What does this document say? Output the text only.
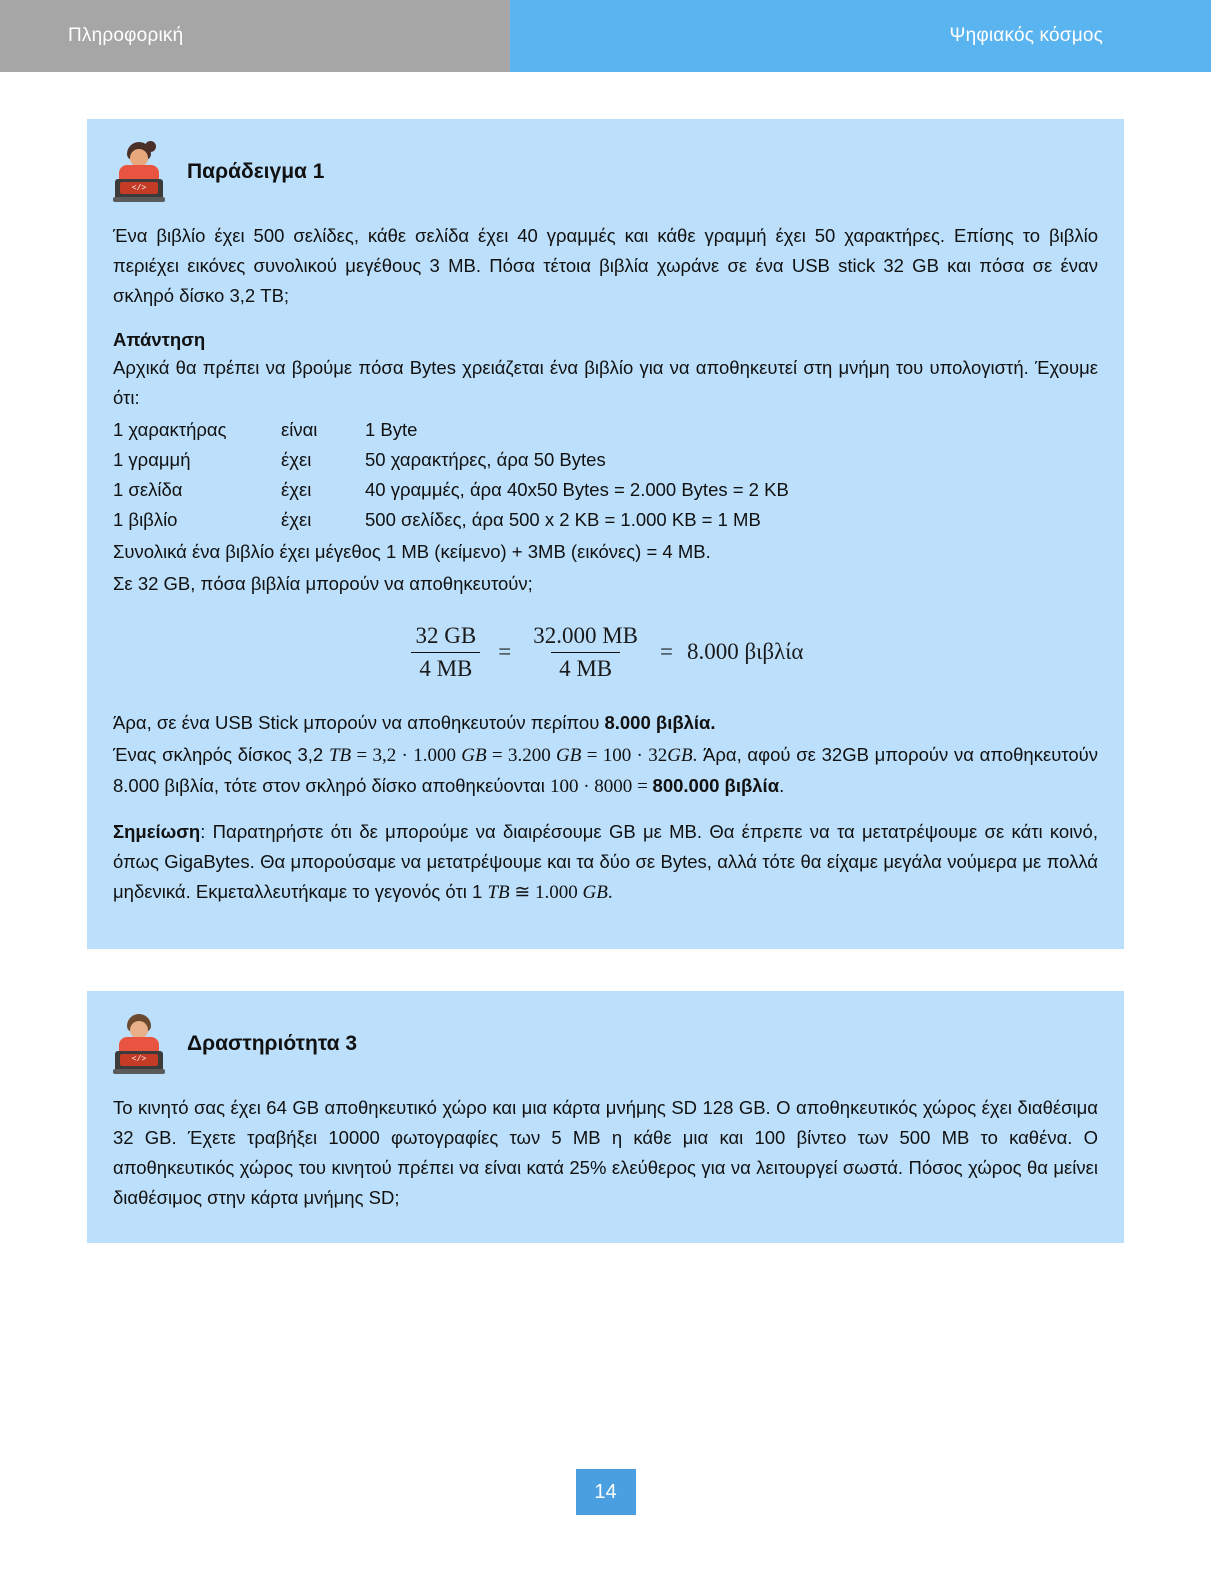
Πληροφορική	Ψηφιακός κόσμος
</>
Παράδειγμα 1

Ένα βιβλίο έχει 500 σελίδες, κάθε σελίδα έχει 40 γραμμές και κάθε γραμμή έχει 50 χαρακτήρες. Επίσης το βιβλίο περιέχει εικόνες συνολικού μεγέθους 3 MB. Πόσα τέτοια βιβλία χωράνε σε ένα USB stick 32 GB και πόσα σε έναν σκληρό δίσκο 3,2 TB;

Απάντηση

Αρχικά θα πρέπει να βρούμε πόσα Bytes χρειάζεται ένα βιβλίο για να αποθηκευτεί στη μνήμη του υπολογιστή. Έχουμε ότι:

1 χαρακτήρας	είναι	1 Byte
1 γραμμή	έχει	50 χαρακτήρες, άρα 50 Bytes
1 σελίδα	έχει	40 γραμμές, άρα 40x50 Bytes = 2.000 Bytes = 2 KB
1 βιβλίο	έχει	500 σελίδες, άρα 500 x 2 KB = 1.000 KB = 1 MB

Συνολικά ένα βιβλίο έχει μέγεθος 1 MB (κείμενο) + 3MB (εικόνες) = 4 MB.

Σε 32 GB, πόσα βιβλία μπορούν να αποθηκευτούν;

$\frac{32 GB}{4 MB} = \frac{32.000 MB}{4 MB} = 8.000$ βιβλία

Άρα, σε ένα USB Stick μπορούν να αποθηκευτούν περίπου 8.000 βιβλία.

Ένας σκληρός δίσκος 3,2 TB = 3,2 · 1.000 GB = 3.200 GB = 100 · 32GB. Άρα, αφού σε 32GB μπορούν να αποθηκευτούν 8.000 βιβλία, τότε στον σκληρό δίσκο αποθηκεύονται 100 · 8000 = 800.000 βιβλία.

Σημείωση: Παρατηρήστε ότι δε μπορούμε να διαιρέσουμε GB με MB. Θα έπρεπε να τα μετατρέψουμε σε κάτι κοινό, όπως GigaBytes. Θα μπορούσαμε να μετατρέψουμε και τα δύο σε Bytes, αλλά τότε θα είχαμε μεγάλα νούμερα με πολλά μηδενικά. Εκμεταλλευτήκαμε το γεγονός ότι 1 TB ≅ 1.000 GB.

</>
Δραστηριότητα 3

Το κινητό σας έχει 64 GB αποθηκευτικό χώρο και μια κάρτα μνήμης SD 128 GB. Ο αποθηκευτικός χώρος έχει διαθέσιμα 32 GB. Έχετε τραβήξει 10000 φωτογραφίες των 5 MB η κάθε μια και 100 βίντεο των 500 MB το καθένα. Ο αποθηκευτικός χώρος του κινητού πρέπει να είναι κατά 25% ελεύθερος για να λειτουργεί σωστά. Πόσος χώρος θα μείνει διαθέσιμος στην κάρτα μνήμης SD;

14
